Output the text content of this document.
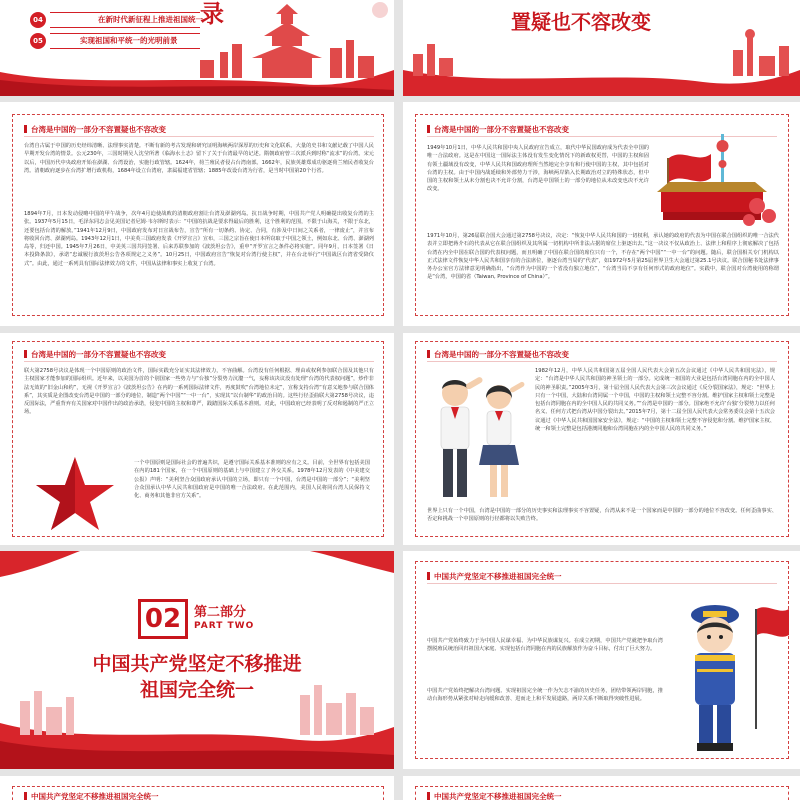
04	在新时代新征程上推进祖国统一
05	实现祖国和平统一的光明前景
录	置疑也不容改变
台湾是中国的一部分不容置疑也不容改变
台湾自古属于中国的历史经纬清晰、法理事实清楚。不断有新的考古发现和研究证明海峡两岸深厚的历史和文化联系。大量的史书和文献记载了中国人民早期开发台湾的情景。公元230年，三国时期吴人沈莹所著《临海水土志》留下了关于台湾最早的记述。隋朝政府曾三次派兵到时称“流求”的台湾。宋元以后，中国历代中央政府开始在澎湖、台湾设治，实施行政管辖。1624年，荷兰殖民者侵占台湾南部。1662年，民族英雄郑成功驱逐荷兰殖民者收复台湾。清朝政府逐步在台湾扩增行政机构，1684年设立台湾府，隶属福建省管辖；1885年改设台湾为行省，是当时中国第20个行省。
1894年7月，日本发动侵略中国的甲午战争，次年4月迫使战败的清朝政府割让台湾及澎湖列岛。抗日战争时期，中国共产党人明确提出收复台湾的主张。1937年5月15日，毛泽东同志会见美国记者尼姆·韦尔斯时表示：“中国的抗战是要求得最后的胜利，这个胜利的范围，不限于山海关，不限于东北，还要包括台湾的解放。”1941年12月9日，中国政府发布对日宣战布告，宣告“所有一切条约、协定、合同，有涉及中日间之关系者，一律废止”，并宣布将收回台湾、澎湖列岛。1943年12月1日，中美英三国政府发表《开罗宣言》宣布，三国之宗旨在使日本所窃取于中国之领土，例如东北、台湾、澎湖列岛等，归还中国。1945年7月26日，中美英三国共同签署、后来苏联参加的《波茨坦公告》，重申“开罗宣言之条件必将实施”。同年9月，日本签署《日本投降条款》，承诺“忠诚履行波茨坦公告各项规定之义务”。10月25日，中国政府宣告“恢复对台湾行使主权”，并在台北举行“中国战区台湾省受降仪式”。由此，通过一系列具有国际法律效力的文件，中国从法律和事实上收复了台湾。
台湾是中国的一部分不容置疑也不容改变
1949年10月1日，中华人民共和国中央人民政府宣告成立，取代中华民国政府成为代表全中国的唯一合法政府。这是在中国这一国际法主体没有发生变化情况下的新政权更替，中国的主权和固有领土疆域没有改变，中华人民共和国政府理所当然地完全享有和行使中国的主权，其中包括对台湾的主权。由于中国内战延续和外部势力干涉，海峡两岸陷入长期政治对立的特殊状态，但中国的主权和领土从未分割也决不允许分割，台湾是中国领土的一部分的地位从未改变也决不允许改变。
1971年10月，第26届联合国大会通过第2758号决议，决定：“恢复中华人民共和国的一切权利，承认她的政府的代表为中国在联合国组织的唯一合法代表并立即把蒋介石的代表从它在联合国组织及其所属一切机构中所非法占据的席位上驱逐出去。”这一决议不仅从政治上、法律上和程序上彻底解决了包括台湾在内全中国在联合国的代表权问题，而且明确了中国在联合国的席位只有一个，不存在“两个中国”“一中一台”的问题。随后，联合国相关专门机构以正式法律文件恢复中华人民共和国享有的合法席位，驱逐台湾当局的“代表”，如1972年5月第25届世界卫生大会通过第25.1号决议。联合国秘书处法律事务办公室官方法律意见明确指出，“台湾作为中国的一个省没有独立地位”，“台湾当局不享有任何形式的政府地位”。实践中，联合国对台湾使用的称谓是“台湾，中国的省（Taiwan, Province of China）”。
台湾是中国的一部分不容置疑也不容改变
联大第2758号决议是体现一个中国原则的政治文件，国际实践充分证实其法律效力，不容曲解。台湾没有任何根据、理由或权利参加联合国及其他只有主权国家才能参加的国际组织。近年来，以美国为首的个别国家一些势力与“台独”分裂势力沆瀣一气，妄称该决议没有处理“台湾的代表权问题”，炒作非法无效的“旧金山和约”，无视《开罗宣言》《波茨坦公告》在内的一系列国际法律文件，再度鼓吹“台湾地位未定”，宣称支持台湾“有意义地参与联合国体系”，其实质是企图改变台湾是中国的一部分的地位，制造“两个中国”“一中一台”，实现其“以台制华”的政治目的。这些行径歪曲联大第2758号决议，违反国际法，严重背弃有关国家对中国作出的政治承诺，侵犯中国的主权和尊严，践踏国际关系基本准则。对此，中国政府已经表明了反对和遏制的严正立场。
一个中国原则是国际社会的普遍共识，是遵守国际关系基本准则的应有之义。目前，全世界有包括美国在内的181个国家，在一个中国原则的基础上与中国建立了外交关系。1978年12月发表的《中美建交公报》声明：“美利坚合众国政府承认中国的立场，即只有一个中国，台湾是中国的一部分”；“美利坚合众国承认中华人民共和国政府是中国的唯一合法政府。在此范围内，美国人民将同台湾人民保持文化、商务和其他非官方关系”。
台湾是中国的一部分不容置疑也不容改变
1982年12月，中华人民共和国第五届全国人民代表大会第五次会议通过《中华人民共和国宪法》，规定：“台湾是中华人民共和国的神圣领土的一部分。完成统一祖国的大业是包括台湾同胞在内的全中国人民的神圣职责。”2005年3月，第十届全国人民代表大会第三次会议通过《反分裂国家法》，规定：“世界上只有一个中国，大陆和台湾同属一个中国，中国的主权和领土完整不容分割。维护国家主权和领土完整是包括台湾同胞在内的全中国人民的共同义务。”“台湾是中国的一部分。国家绝不允许‘台独’分裂势力以任何名义、任何方式把台湾从中国分裂出去。”2015年7月，第十二届全国人民代表大会常务委员会第十五次会议通过《中华人民共和国国家安全法》，规定：“中国的主权和领土完整不容侵犯和分割。维护国家主权、统一和领土完整是包括港澳同胞和台湾同胞在内的全中国人民的共同义务。”
世界上只有一个中国，台湾是中国的一部分的历史事实和法理事实不容置疑，台湾从来不是一个国家而是中国的一部分的地位不容改变。任何歪曲事实、否定和挑战一个中国原则的行径都将以失败告终。
02 第二部分
PART TWO
中国共产党坚定不移推进
祖国完全统一
中国共产党坚定不移推进祖国完全统一
中国共产党始终致力于为中国人民谋幸福、为中华民族谋复兴。在成立初期，中国共产党就把争取台湾摆脱殖民统治回归祖国大家庭、实现包括台湾同胞在内的民族解放作为奋斗目标，付出了巨大努力。
中国共产党始终把解决台湾问题、实现祖国完全统一作为矢志不渝的历史任务，团结带领两岸同胞，推动台海形势从紧张对峙走向缓和改善、进而走上和平发展道路，两岸关系不断取得突破性进展。
中国共产党坚定不移推进祖国完全统一	中国共产党坚定不移推进祖国完全统一
